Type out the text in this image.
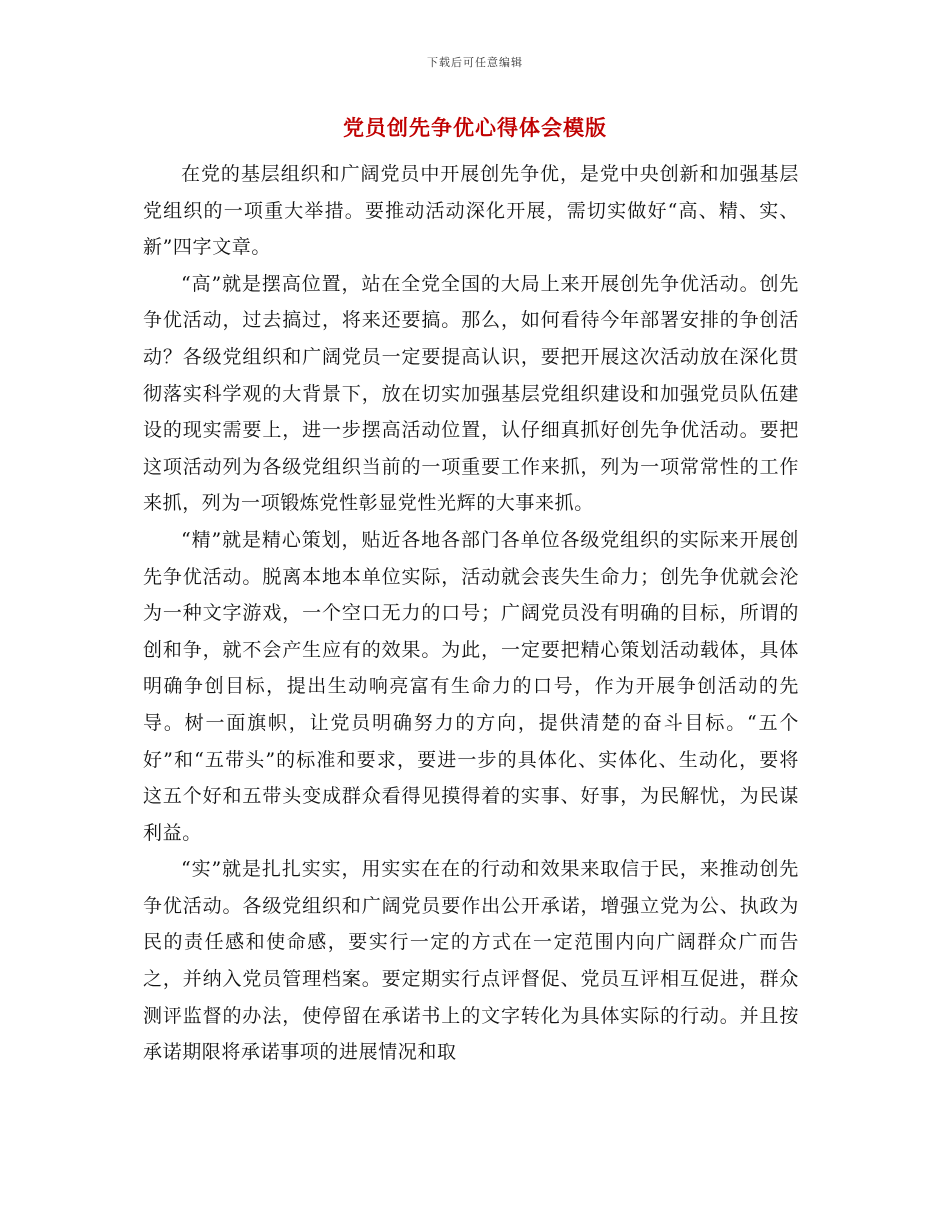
下载后可任意编辑
党员创先争优心得体会模版

在党的基层组织和广阔党员中开展创先争优，是党中央创新和加强基层党组织的一项重大举措。要推动活动深化开展，需切实做好“高、精、实、新”四字文章。

“高”就是摆高位置，站在全党全国的大局上来开展创先争优活动。创先争优活动，过去搞过，将来还要搞。那么，如何看待今年部署安排的争创活动？各级党组织和广阔党员一定要提高认识，要把开展这次活动放在深化贯彻落实科学观的大背景下，放在切实加强基层党组织建设和加强党员队伍建设的现实需要上，进一步摆高活动位置，认仔细真抓好创先争优活动。要把这项活动列为各级党组织当前的一项重要工作来抓，列为一项常常性的工作来抓，列为一项锻炼党性彰显党性光辉的大事来抓。

“精”就是精心策划，贴近各地各部门各单位各级党组织的实际来开展创先争优活动。脱离本地本单位实际，活动就会丧失生命力；创先争优就会沦为一种文字游戏，一个空口无力的口号；广阔党员没有明确的目标，所谓的创和争，就不会产生应有的效果。为此，一定要把精心策划活动载体，具体明确争创目标，提出生动响亮富有生命力的口号，作为开展争创活动的先导。树一面旗帜，让党员明确努力的方向，提供清楚的奋斗目标。“五个好”和“五带头”的标准和要求，要进一步的具体化、实体化、生动化，要将这五个好和五带头变成群众看得见摸得着的实事、好事，为民解忧，为民谋利益。

“实”就是扎扎实实，用实实在在的行动和效果来取信于民，来推动创先争优活动。各级党组织和广阔党员要作出公开承诺，增强立党为公、执政为民的责任感和使命感，要实行一定的方式在一定范围内向广阔群众广而告之，并纳入党员管理档案。要定期实行点评督促、党员互评相互促进，群众测评监督的办法，使停留在承诺书上的文字转化为具体实际的行动。并且按承诺期限将承诺事项的进展情况和取
